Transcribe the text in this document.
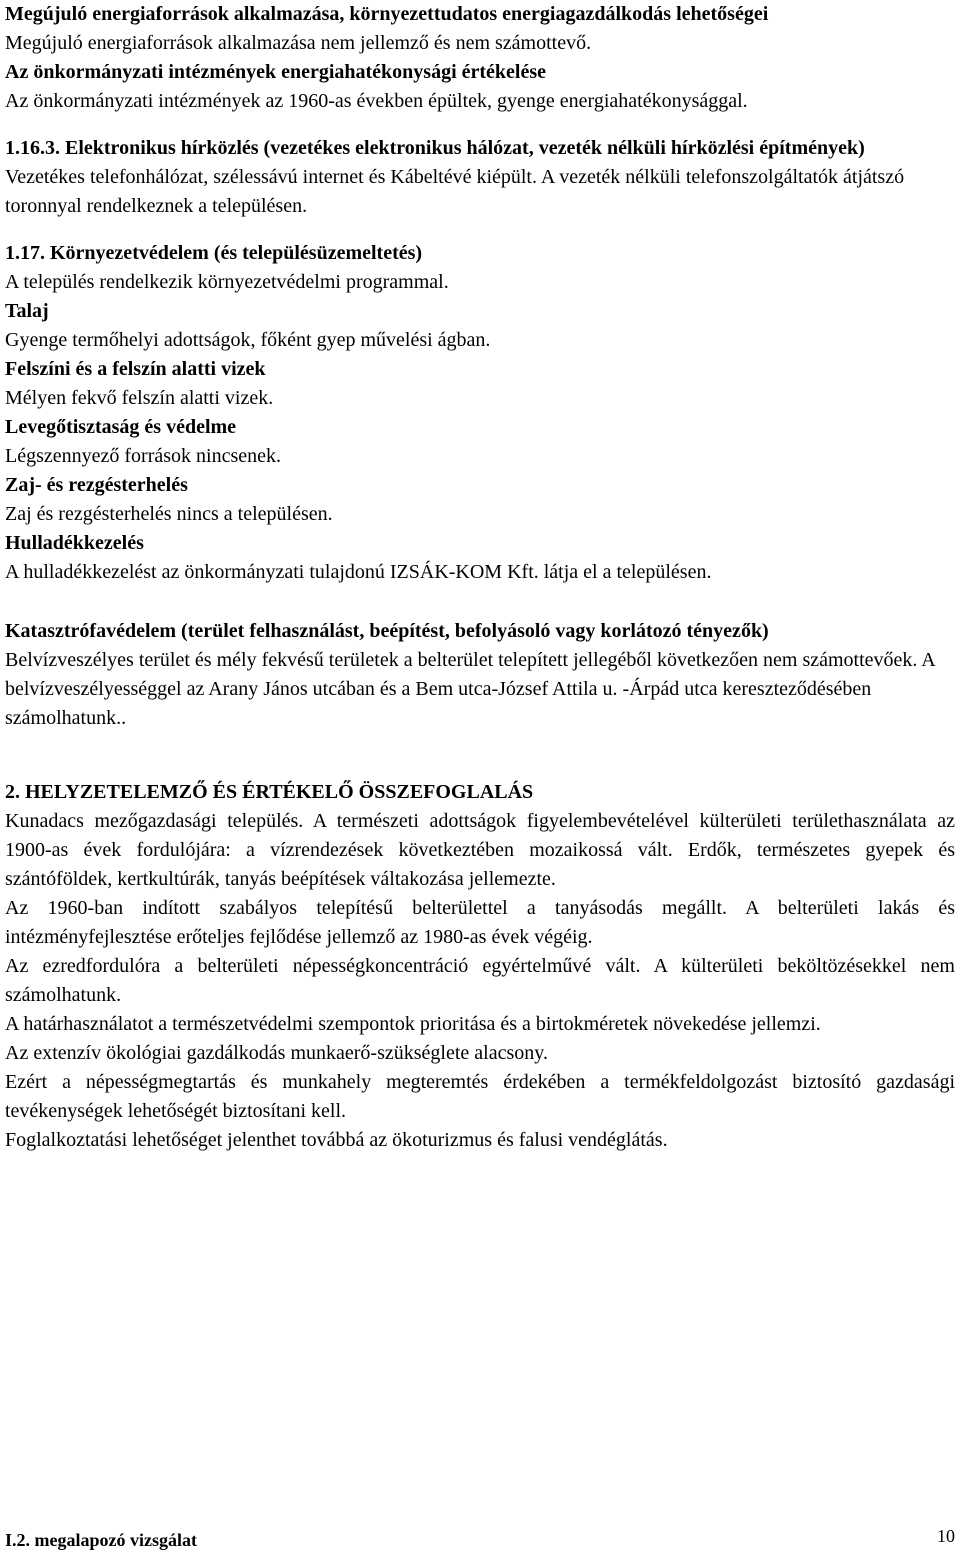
Megújuló energiaforrások alkalmazása, környezettudatos energiagazdálkodás lehetőségei
Megújuló energiaforrások alkalmazása nem jellemző és nem számottevő.
Az önkormányzati intézmények energiahatékonysági értékelése
Az önkormányzati intézmények az 1960-as években épültek, gyenge energiahatékonysággal.
1.16.3. Elektronikus hírközlés (vezetékes elektronikus hálózat, vezeték nélküli hírközlési építmények)
Vezetékes telefonhálózat, szélessávú internet és Kábeltévé kiépült. A vezeték nélküli telefonszolgáltatók átjátszó toronnyal rendelkeznek a településen.
1.17. Környezetvédelem (és településüzemeltetés)
A település rendelkezik környezetvédelmi programmal.
Talaj
Gyenge termőhelyi adottságok, főként gyep művelési ágban.
Felszíni és a felszín alatti vizek
Mélyen fekvő felszín alatti vizek.
Levegőtisztaság és védelme
Légszennyező források nincsenek.
Zaj- és rezgésterhelés
Zaj és rezgésterhelés nincs a településen.
Hulladékkezelés
A hulladékkezelést az önkormányzati tulajdonú IZSÁK-KOM Kft. látja el a településen.
Katasztrófavédelem (terület felhasználást, beépítést, befolyásoló vagy korlátozó tényezők)
Belvízveszélyes terület és mély fekvésű területek a belterület telepített jellegéből következően nem számottevőek. A belvízveszélyességgel az Arany János utcában és a Bem utca-József Attila u. -Árpád utca kereszteződésében számolhatunk..
2. HELYZETELEMZŐ ÉS ÉRTÉKELŐ ÖSSZEFOGLALÁS
Kunadacs mezőgazdasági település. A természeti adottságok figyelembevételével külterületi területhasználata az 1900-as évek fordulójára: a vízrendezések következtében mozaikossá vált. Erdők, természetes gyepek és szántóföldek, kertkultúrák, tanyás beépítések váltakozása jellemezte.
Az 1960-ban indított szabályos telepítésű belterülettel a tanyásodás megállt. A belterületi lakás és intézményfejlesztése erőteljes fejlődése jellemző az 1980-as évek végéig.
Az ezredfordulóra a belterületi népességkoncentráció egyértelművé vált. A külterületi beköltözésekkel nem számolhatunk.
A határhasználatot a természetvédelmi szempontok prioritása és a birtokméretek növekedése jellemzi.
Az extenzív ökológiai gazdálkodás munkaerő-szükséglete alacsony.
Ezért a népességmegtartás és munkahely megteremtés érdekében a termékfeldolgozást biztosító gazdasági tevékenységek lehetőségét biztosítani kell.
Foglalkoztatási lehetőséget jelenthet továbbá az ökoturizmus és falusi vendéglátás.
I.2. megalapozó vizsgálat	10
